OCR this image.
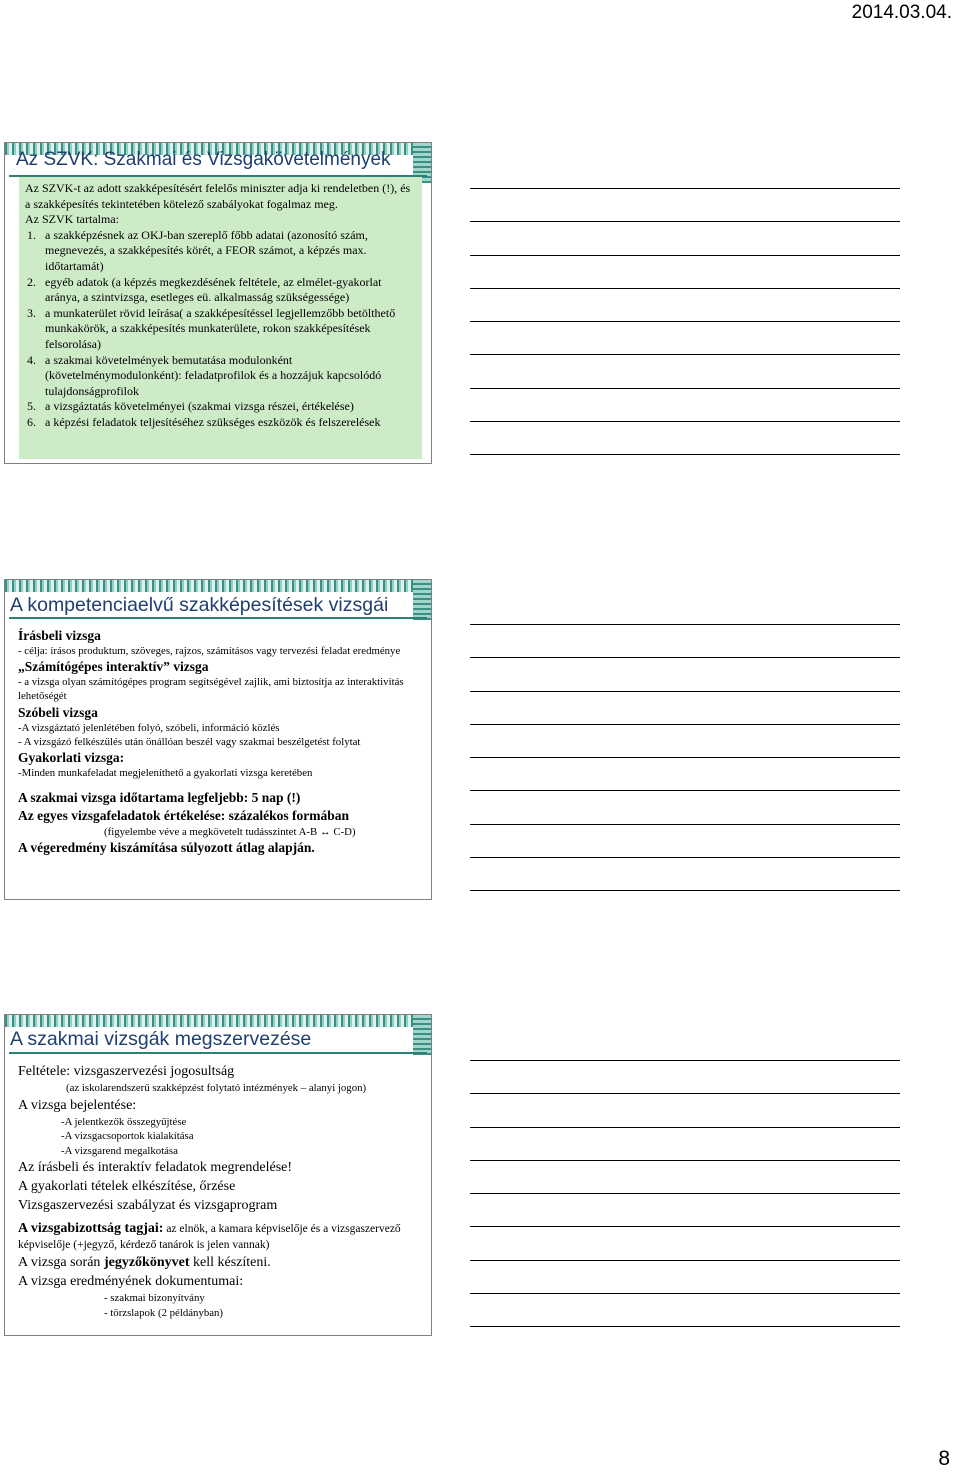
2014.03.04.
Az SZVK: Szakmai és Vizsgakövetelmények

Az SZVK-t az adott szakképesítésért felelős miniszter adja ki rendeletben (!), és a szakképesítés tekintetében kötelező szabályokat fogalmaz meg.

Az SZVK tartalma:

1. a szakképzésnek az OKJ-ban szereplő főbb adatai (azonosító szám, megnevezés, a szakképesítés körét, a FEOR számot, a képzés max. időtartamát)
2. egyéb adatok (a képzés megkezdésének feltétele, az elmélet-gyakorlat aránya, a szintvizsga, esetleges eü. alkalmasság szükségessége)
3. a munkaterület rövid leírása( a szakképesítéssel legjellemzőbb betölthető munkakörök, a szakképesítés munkaterülete, rokon szakképesítések felsorolása)
4. a szakmai követelmények bemutatása modulonként (követelménymodulonként): feladatprofilok és a hozzájuk kapcsolódó tulajdonságprofilok
5. a vizsgáztatás követelményei (szakmai vizsga részei, értékelése)
6. a képzési feladatok teljesítéséhez szükséges eszközök és felszerelések
A kompetenciaelvű szakképesítések vizsgái

Írásbeli vizsga

- célja: írásos produktum, szöveges, rajzos, számításos vagy tervezési feladat eredménye

„Számítógépes interaktív” vizsga

- a vizsga olyan számítógépes program segítségével zajlik, ami biztosítja az interaktivitás lehetőségét

Szóbeli vizsga

-A vizsgáztató jelenlétében folyó, szóbeli, információ közlés

- A vizsgázó felkészülés után önállóan beszél vagy szakmai beszélgetést folytat

Gyakorlati vizsga:

-Minden munkafeladat megjeleníthető a gyakorlati vizsga keretében

A szakmai vizsga időtartama legfeljebb: 5 nap (!)

Az egyes vizsgafeladatok értékelése: százalékos formában

(figyelembe véve a megkövetelt tudásszintet A-B ↔ C-D)

A végeredmény kiszámítása súlyozott átlag alapján.

A szakmai vizsgák megszervezése

Feltétele: vizsgaszervezési jogosultság

(az iskolarendszerű szakképzést folytató intézmények – alanyi jogon)

A vizsga bejelentése:

-A jelentkezők összegyűjtése

-A vizsgacsoportok kialakítása

-A vizsgarend megalkotása

Az írásbeli és interaktív feladatok megrendelése!

A gyakorlati tételek elkészítése, őrzése

Vizsgaszervezési szabályzat és vizsgaprogram

A vizsgabizottság tagjai: az elnök, a kamara képviselője és a vizsgaszervező képviselője (+jegyző, kérdező tanárok is jelen vannak)

A vizsga során jegyzőkönyvet kell készíteni.

A vizsga eredményének dokumentumai:

- szakmai bizonyítvány

- törzslapok (2 példányban)

8
